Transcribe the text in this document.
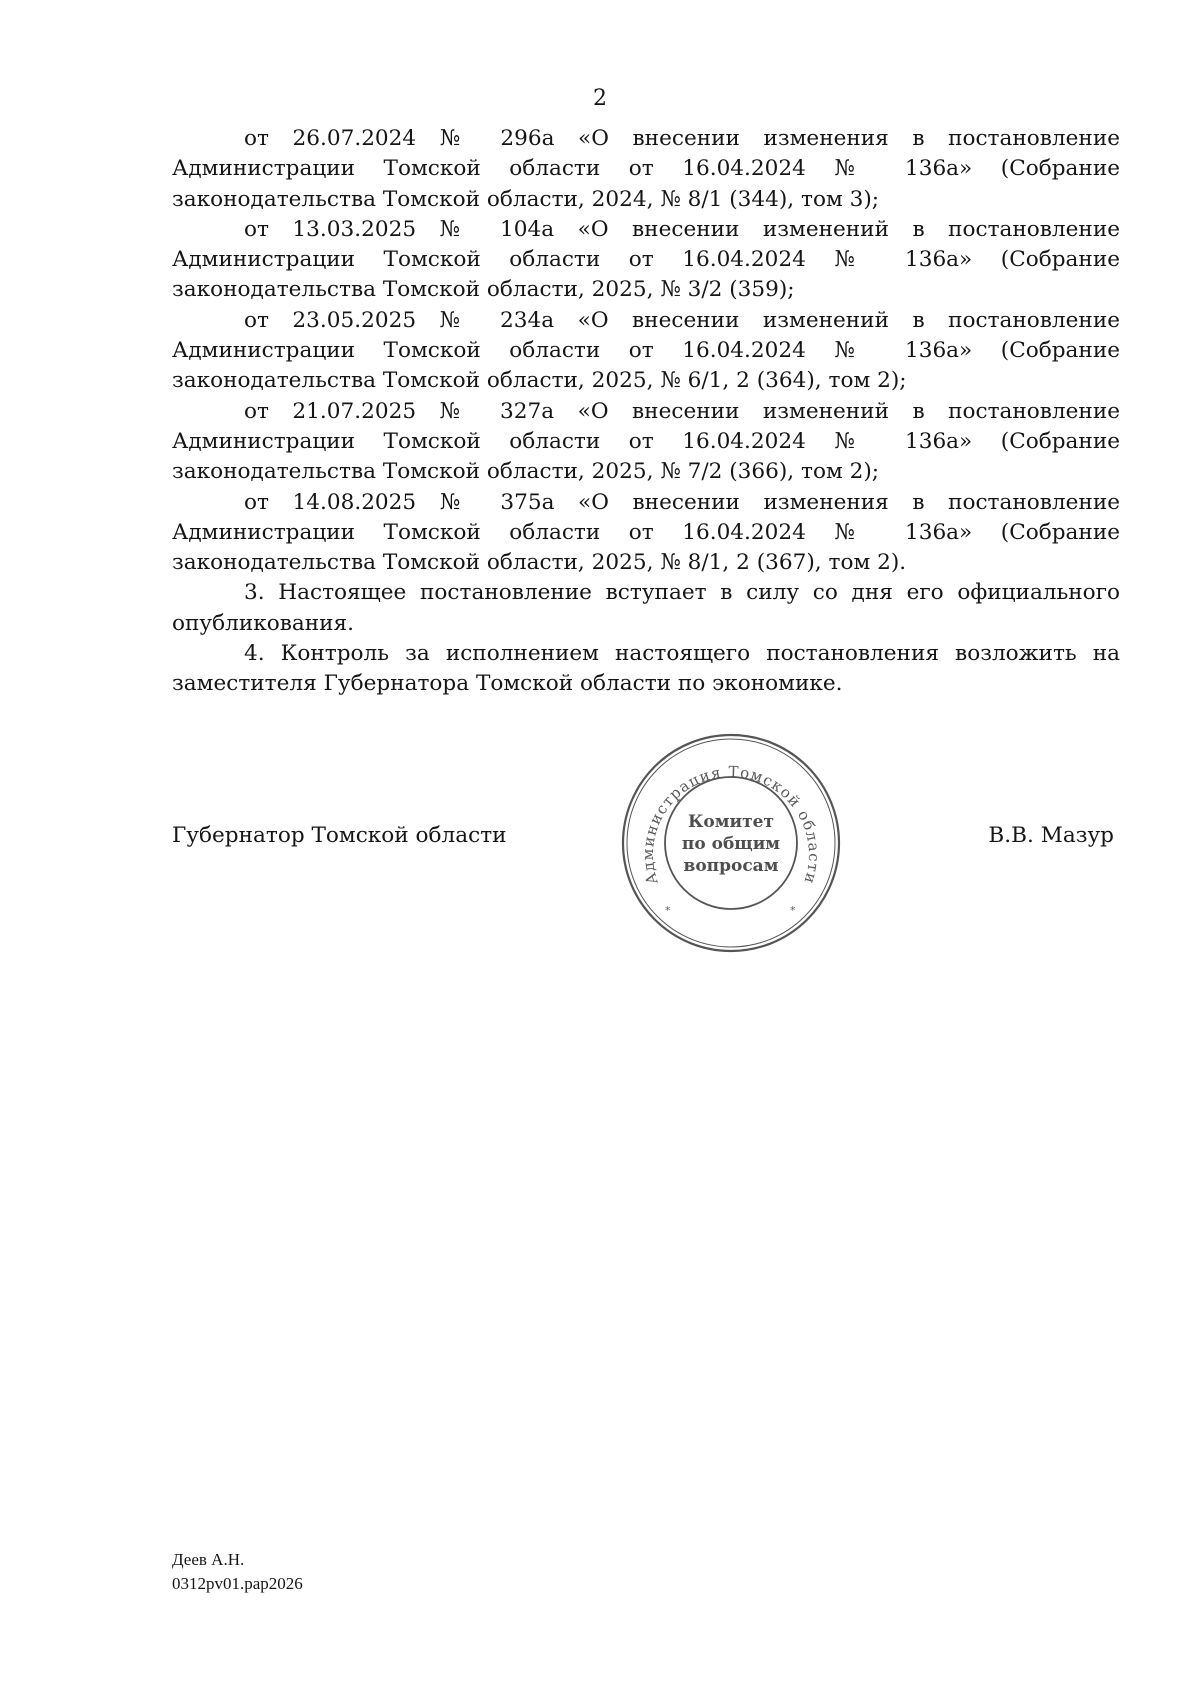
2

от 26.07.2024 № 296а «О внесении изменения в постановление Администрации Томской области от 16.04.2024 № 136а» (Собрание законодательства Томской области, 2024, № 8/1 (344), том 3);

от 13.03.2025 № 104а «О внесении изменений в постановление Администрации Томской области от 16.04.2024 № 136а» (Собрание законодательства Томской области, 2025, № 3/2 (359);

от 23.05.2025 № 234а «О внесении изменений в постановление Администрации Томской области от 16.04.2024 № 136а» (Собрание законодательства Томской области, 2025, № 6/1, 2 (364), том 2);

от 21.07.2025 № 327а «О внесении изменений в постановление Администрации Томской области от 16.04.2024 № 136а» (Собрание законодательства Томской области, 2025, № 7/2 (366), том 2);

от 14.08.2025 № 375а «О внесении изменения в постановление Администрации Томской области от 16.04.2024 № 136а» (Собрание законодательства Томской области, 2025, № 8/1, 2 (367), том 2).

3. Настоящее постановление вступает в силу со дня его официального опубликования.

4. Контроль за исполнением настоящего постановления возложить на заместителя Губернатора Томской области по экономике.

Губернатор Томской области	В.В. Мазур
Администрация Томской области
*	*
Комитет
по общим
вопросам
Деев А.Н.
0312pv01.pap2026
